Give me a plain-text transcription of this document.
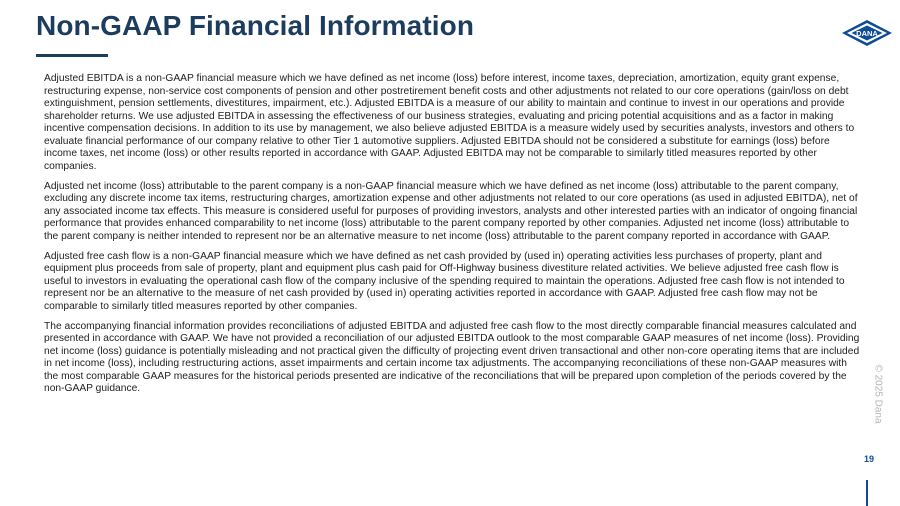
Non-GAAP Financial Information	DANA

Adjusted EBITDA is a non-GAAP financial measure which we have defined as net income (loss) before interest, income taxes, depreciation, amortization, equity grant expense, restructuring expense, non-service cost components of pension and other postretirement benefit costs and other adjustments not related to our core operations (gain/loss on debt extinguishment, pension settlements, divestitures, impairment, etc.). Adjusted EBITDA is a measure of our ability to maintain and continue to invest in our operations and provide shareholder returns. We use adjusted EBITDA in assessing the effectiveness of our business strategies, evaluating and pricing potential acquisitions and as a factor in making incentive compensation decisions. In addition to its use by management, we also believe adjusted EBITDA is a measure widely used by securities analysts, investors and others to evaluate financial performance of our company relative to other Tier 1 automotive suppliers. Adjusted EBITDA should not be considered a substitute for earnings (loss) before income taxes, net income (loss) or other results reported in accordance with GAAP. Adjusted EBITDA may not be comparable to similarly titled measures reported by other companies.

Adjusted net income (loss) attributable to the parent company is a non-GAAP financial measure which we have defined as net income (loss) attributable to the parent company, excluding any discrete income tax items, restructuring charges, amortization expense and other adjustments not related to our core operations (as used in adjusted EBITDA), net of any associated income tax effects. This measure is considered useful for purposes of providing investors, analysts and other interested parties with an indicator of ongoing financial performance that provides enhanced comparability to net income (loss) attributable to the parent company reported by other companies. Adjusted net income (loss) attributable to the parent company is neither intended to represent nor be an alternative measure to net income (loss) attributable to the parent company reported in accordance with GAAP.

Adjusted free cash flow is a non-GAAP financial measure which we have defined as net cash provided by (used in) operating activities less purchases of property, plant and equipment plus proceeds from sale of property, plant and equipment plus cash paid for Off-Highway business divestiture related activities. We believe adjusted free cash flow is useful to investors in evaluating the operational cash flow of the company inclusive of the spending required to maintain the operations. Adjusted free cash flow is not intended to represent nor be an alternative to the measure of net cash provided by (used in) operating activities reported in accordance with GAAP. Adjusted free cash flow may not be comparable to similarly titled measures reported by other companies.

The accompanying financial information provides reconciliations of adjusted EBITDA and adjusted free cash flow to the most directly comparable financial measures calculated and presented in accordance with GAAP. We have not provided a reconciliation of our adjusted EBITDA outlook to the most comparable GAAP measures of net income (loss). Providing net income (loss) guidance is potentially misleading and not practical given the difficulty of projecting event driven transactional and other non-core operating items that are included in net income (loss), including restructuring actions, asset impairments and certain income tax adjustments. The accompanying reconciliations of these non-GAAP measures with the most comparable GAAP measures for the historical periods presented are indicative of the reconciliations that will be prepared upon completion of the periods covered by the non-GAAP guidance.	© 2025 Dana
19
